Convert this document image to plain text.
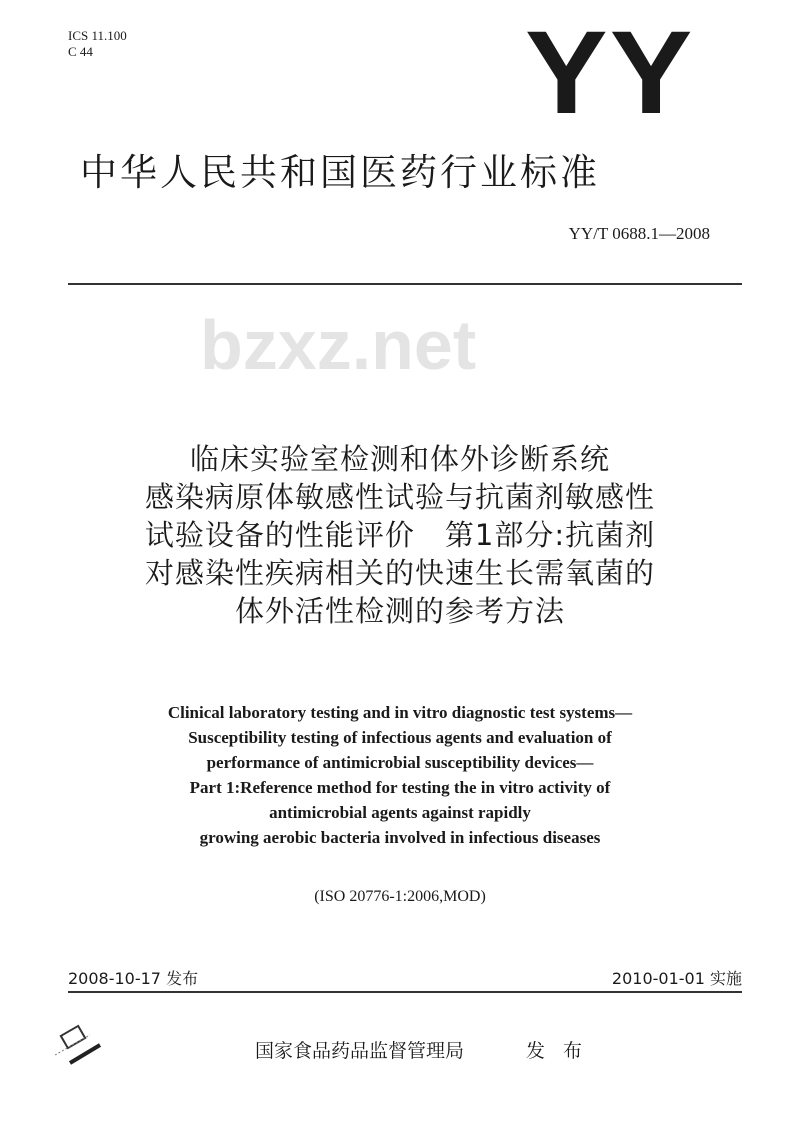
bzxz.net
ICS 11.100
C 44	YY
中华人民共和国医药行业标准
YY/T 0688.1—2008
临床实验室检测和体外诊断系统
感染病原体敏感性试验与抗菌剂敏感性
试验设备的性能评价　第1部分:抗菌剂
对感染性疾病相关的快速生长需氧菌的
体外活性检测的参考方法
Clinical laboratory testing and in vitro diagnostic test systems—
Susceptibility testing of infectious agents and evaluation of
performance of antimicrobial susceptibility devices—
Part 1:Reference method for testing the in vitro activity of
antimicrobial agents against rapidly
growing aerobic bacteria involved in infectious diseases
(ISO 20776-1:2006,MOD)
2008-10-17 发布	2010-01-01 实施
国家食品药品监督管理局	发 布
